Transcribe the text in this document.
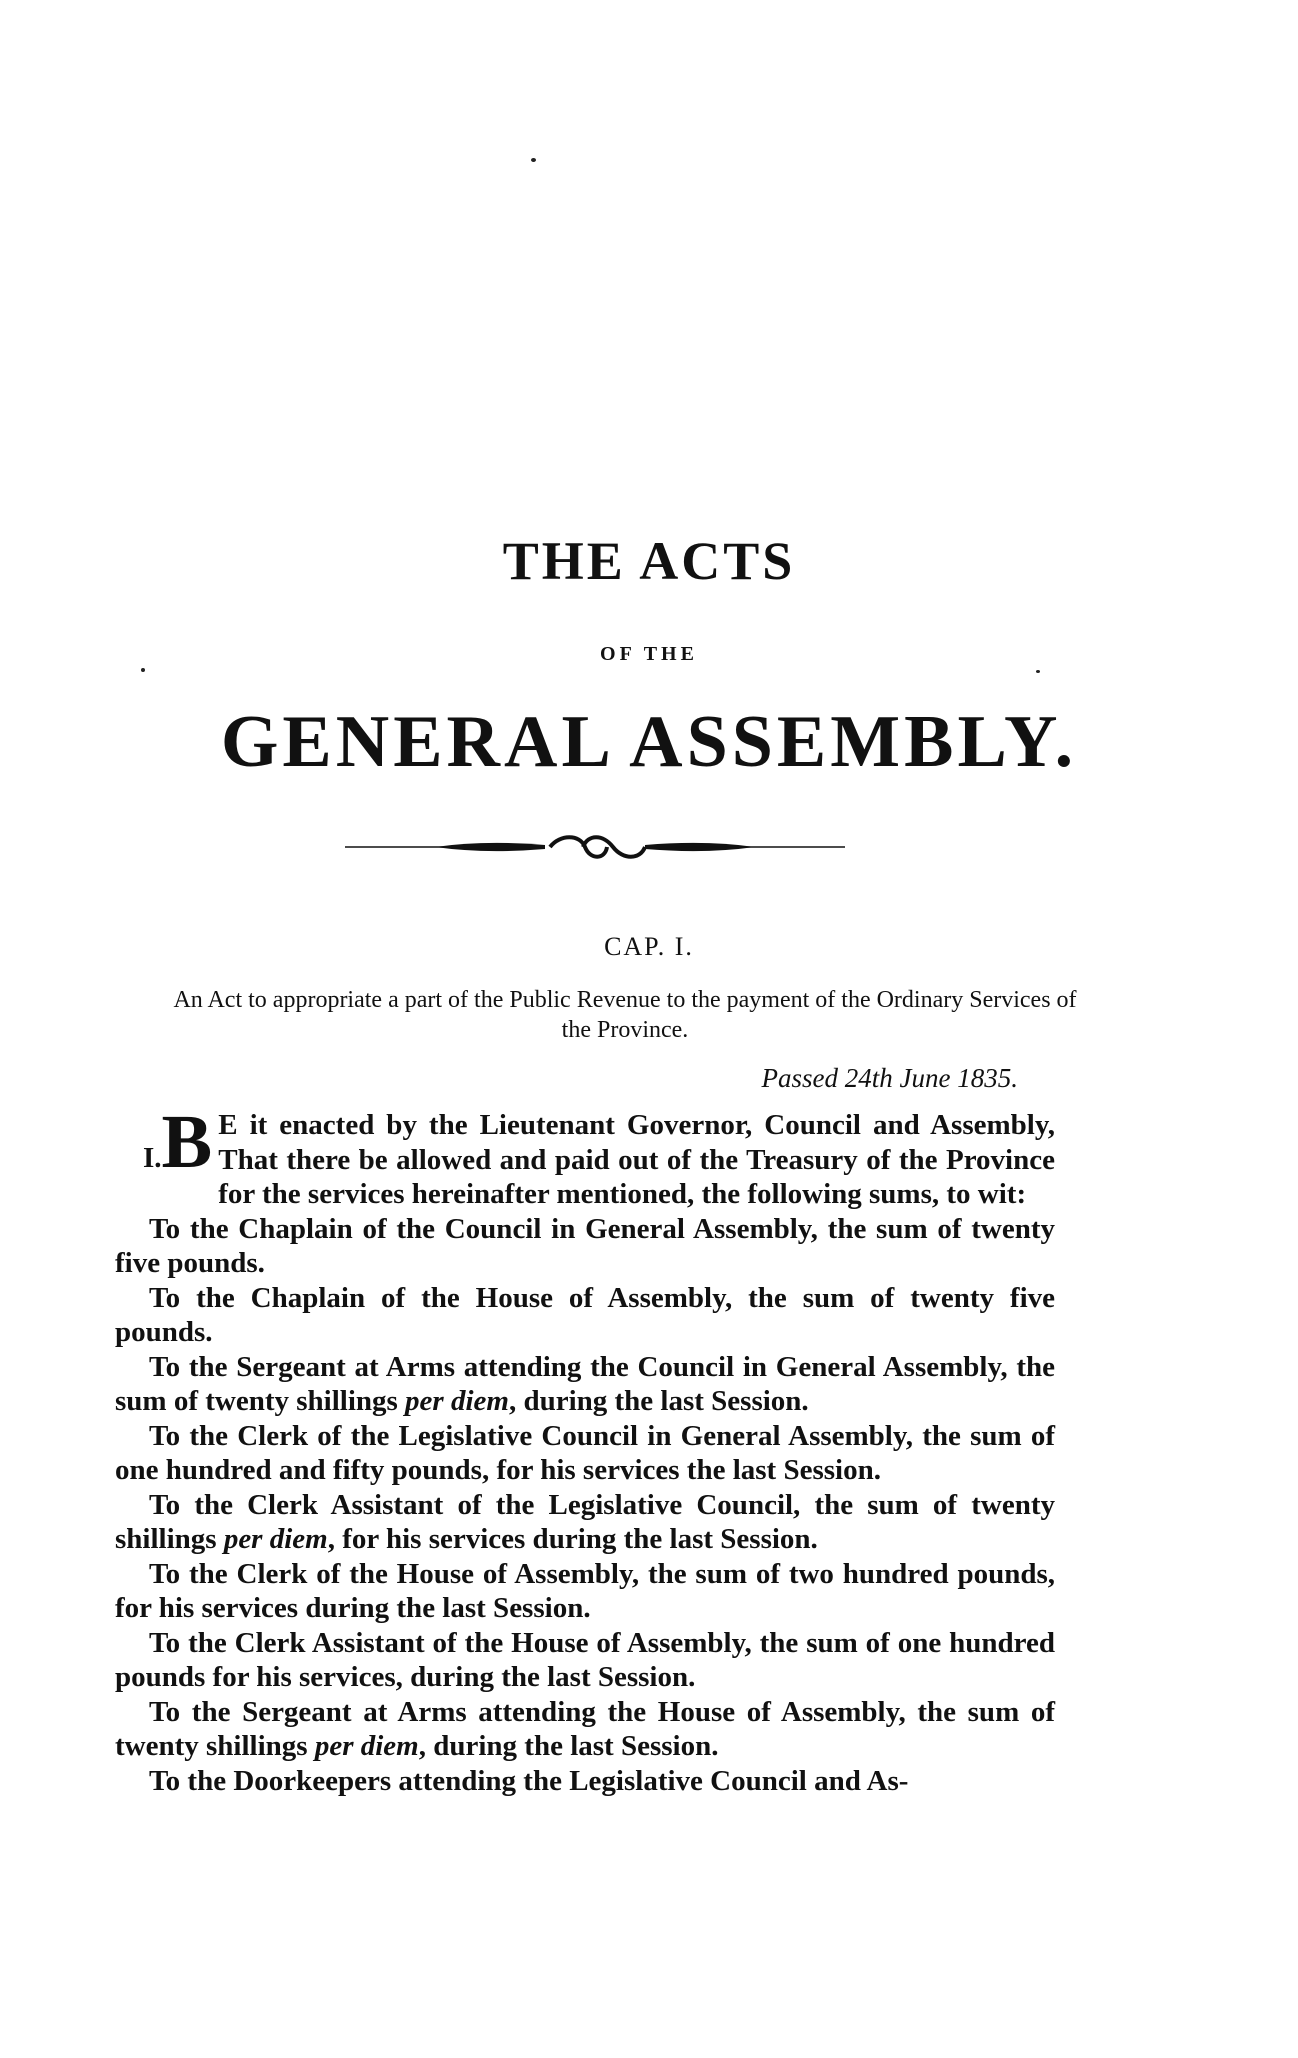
THE ACTS
OF THE
GENERAL ASSEMBLY.
CAP. I.
An Act to appropriate a part of the Public Revenue to the payment of the Ordinary Services of the Province.
Passed 24th June 1835.

I.B E it enacted by the Lieutenant Governor, Council and Assembly, That there be allowed and paid out of the Treasury of the Province for the services hereinafter mentioned, the following sums, to wit:

To the Chaplain of the Council in General Assembly, the sum of twenty five pounds.

To the Chaplain of the House of Assembly, the sum of twenty five pounds.

To the Sergeant at Arms attending the Council in General Assembly, the sum of twenty shillings per diem, during the last Session.

To the Clerk of the Legislative Council in General Assembly, the sum of one hundred and fifty pounds, for his services the last Session.

To the Clerk Assistant of the Legislative Council, the sum of twenty shillings per diem, for his services during the last Session.

To the Clerk of the House of Assembly, the sum of two hundred pounds, for his services during the last Session.

To the Clerk Assistant of the House of Assembly, the sum of one hundred pounds for his services, during the last Session.

To the Sergeant at Arms attending the House of Assembly, the sum of twenty shillings per diem, during the last Session.

To the Doorkeepers attending the Legislative Council and As-
